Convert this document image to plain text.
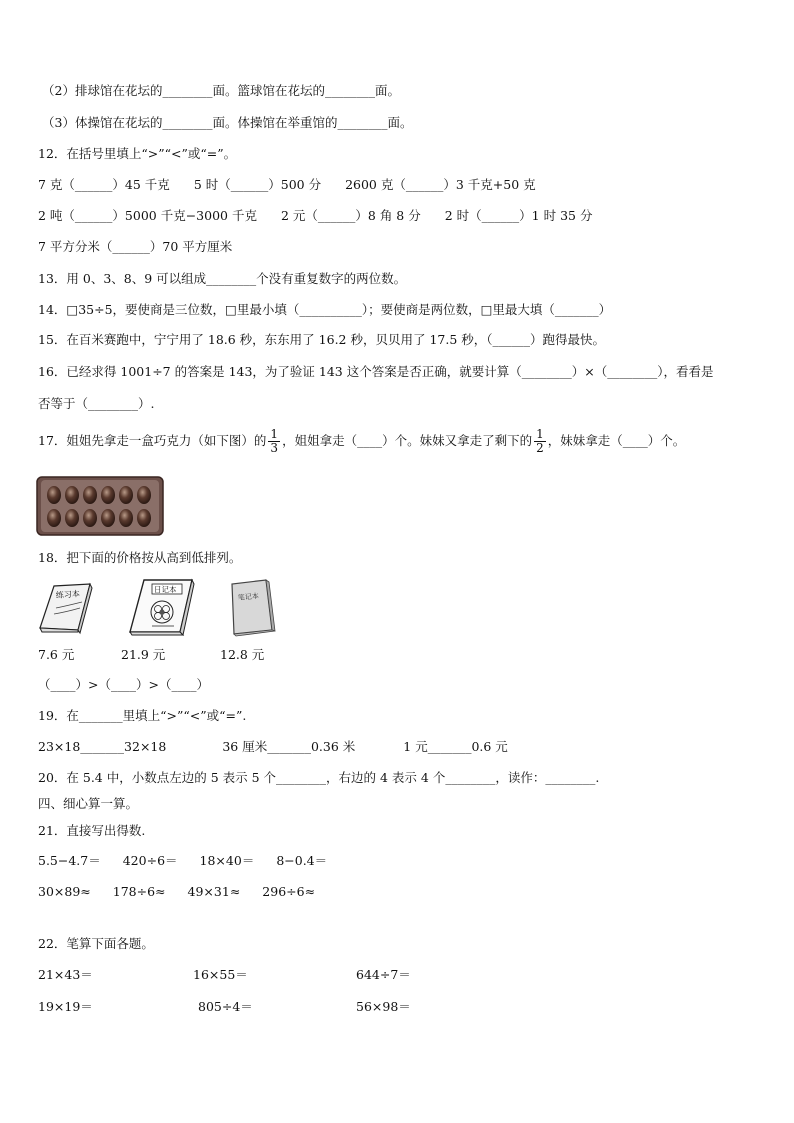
（2）排球馆在花坛的________面。篮球馆在花坛的________面。
（3）体操馆在花坛的________面。体操馆在举重馆的________面。
12．在括号里填上“>”“<”或“=”。
7 克（______）45 千克 5 时（______）500 分 2600 克（______）3 千克+50 克
2 吨（______）5000 千克−3000 千克 2 元（______）8 角 8 分 2 时（______）1 时 35 分
7 平方分米（______）70 平方厘米
13．用 0、3、8、9 可以组成________个没有重复数字的两位数。
14．□35÷5，要使商是三位数，□里最小填（__________）；要使商是两位数，□里最大填（_______）
15．在百米赛跑中，宁宁用了 18.6 秒，东东用了 16.2 秒，贝贝用了 17.5 秒，（______）跑得最快。
16．已经求得 1001÷7 的答案是 143，为了验证 143 这个答案是否正确，就要计算（________）×（________），看看是
否等于（________）.
17．姐姐先拿走一盒巧克力（如下图）的 $\frac{1}{3}$ ，姐姐拿走（____）个。妹妹又拿走了剩下的 $\frac{1}{2}$ ，妹妹拿走（____）个。
18．把下面的价格按从高到低排列。
练习本	日记本
笔记本
7.6 元	21.9 元	12.8 元
（____）>（____）>（____）
19．在_______里填上“>”“<”或“=”.
23×18_______32×18	36 厘米_______0.36 米	1 元_______0.6 元
20．在 5.4 中，小数点左边的 5 表示 5 个________，右边的 4 表示 4 个________，读作：________.
四、细心算一算。
21．直接写出得数.
5.5−4.7＝ 420÷6＝ 18×40＝ 8−0.4＝
30×89≈ 178÷6≈ 49×31≈ 296÷6≈
22．笔算下面各题。
21×43＝	16×55＝	644÷7＝
19×19＝	805÷4＝	56×98＝
